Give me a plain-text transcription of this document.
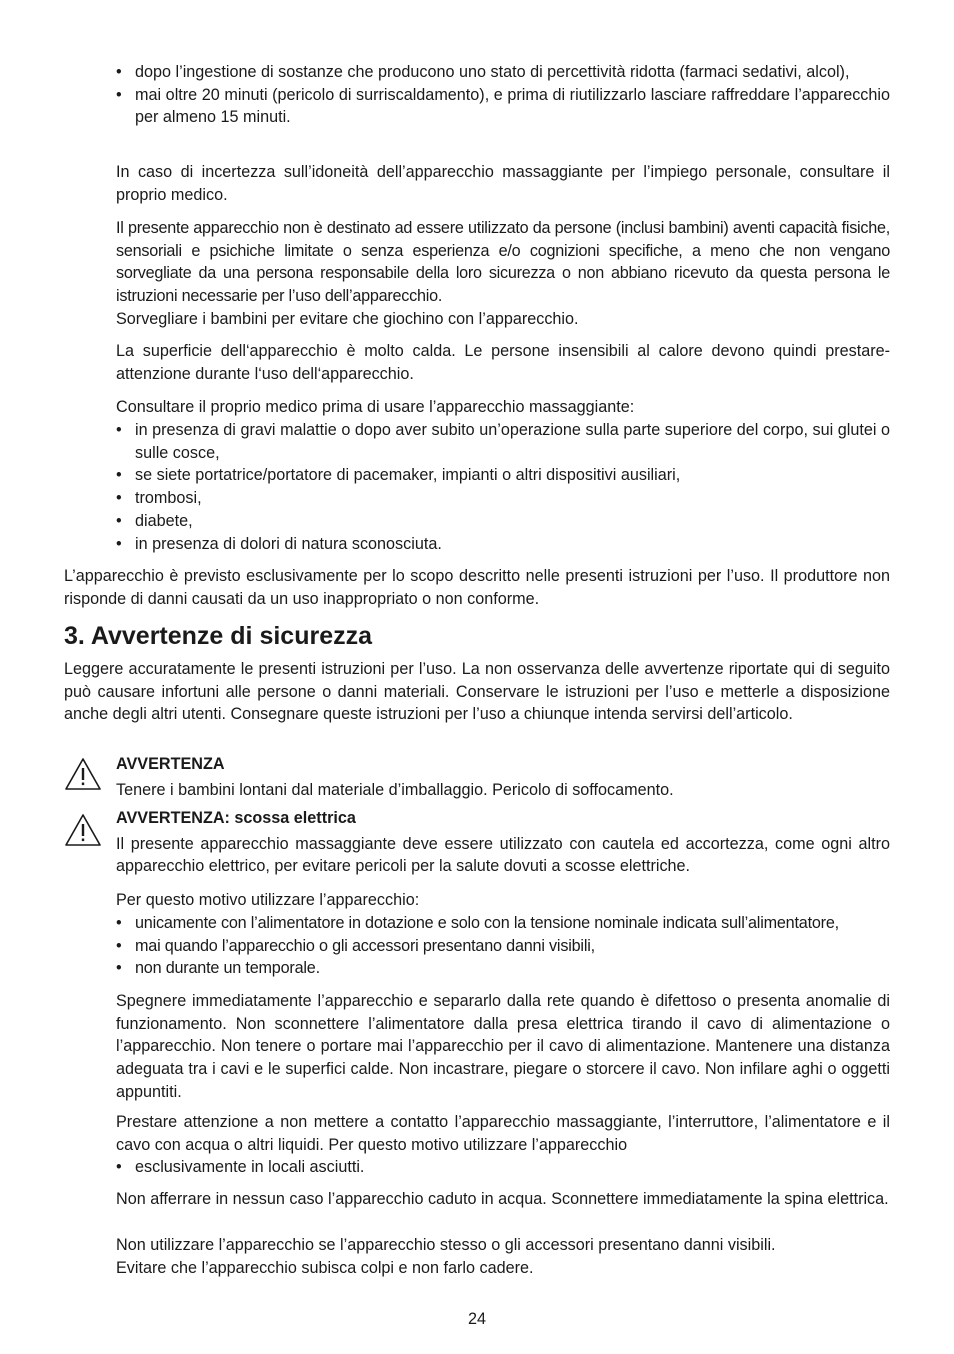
• dopo l’ingestione di sostanze che producono uno stato di percettività ridotta (farmaci sedativi, alcol),
• mai oltre 20 minuti (pericolo di surriscaldamento), e prima di riutilizzarlo lasciare raffreddare l’apparecchio per almeno 15 minuti.

In caso di incertezza sull’idoneità dell’apparecchio massaggiante per l’impiego personale, consultare il proprio medico.

Il presente apparecchio non è destinato ad essere utilizzato da persone (inclusi bambini) aventi capacità fisiche, sensoriali e psichiche limitate o senza esperienza e/o cognizioni specifiche, a meno che non vengano sorvegliate da una persona responsabile della loro sicurezza o non abbiano ricevuto da questa persona le istruzioni necessarie per l’uso dell’apparecchio.

Sorvegliare i bambini per evitare che giochino con l’apparecchio.

La superficie dell‘apparecchio è molto calda. Le persone insensibili al calore devono quindi prestare-attenzione durante l‘uso dell‘apparecchio.

Consultare il proprio medico prima di usare l’apparecchio massaggiante:

• in presenza di gravi malattie o dopo aver subito un’operazione sulla parte superiore del corpo, sui glutei o sulle cosce,
• se siete portatrice/portatore di pacemaker, impianti o altri dispositivi ausiliari,
• trombosi,
• diabete,
• in presenza di dolori di natura sconosciuta.

L’apparecchio è previsto esclusivamente per lo scopo descritto nelle presenti istruzioni per l’uso. Il produttore non risponde di danni causati da un uso inappropriato o non conforme.

3. Avvertenze di sicurezza

Leggere accuratamente le presenti istruzioni per l’uso. La non osservanza delle avvertenze riportate qui di seguito può causare infortuni alle persone o danni materiali. Conservare le istruzioni per l’uso e metterle a disposizione anche degli altri utenti. Consegnare queste istruzioni per l’uso a chiunque intenda servirsi dell’articolo.

AVVERTENZA

Tenere i bambini lontani dal materiale d’imballaggio. Pericolo di soffocamento.

AVVERTENZA: scossa elettrica

Il presente apparecchio massaggiante deve essere utilizzato con cautela ed accortezza, come ogni altro apparecchio elettrico, per evitare pericoli per la salute dovuti a scosse elettriche.

Per questo motivo utilizzare l’apparecchio:

• unicamente con l’alimentatore in dotazione e solo con la tensione nominale indicata sull’alimentatore,
• mai quando l’apparecchio o gli accessori presentano danni visibili,
• non durante un temporale.

Spegnere immediatamente l’apparecchio e separarlo dalla rete quando è difettoso o presenta anomalie di funzionamento. Non sconnettere l’alimentatore dalla presa elettrica tirando il cavo di alimentazione o l’apparecchio. Non tenere o portare mai l’apparecchio per il cavo di alimentazione. Mantenere una distanza adeguata tra i cavi e le superfici calde. Non incastrare, piegare o storcere il cavo. Non infilare aghi o oggetti appuntiti.

Prestare attenzione a non mettere a contatto l’apparecchio massaggiante, l’interruttore, l’alimentatore e il cavo con acqua o altri liquidi. Per questo motivo utilizzare l’apparecchio

• esclusivamente in locali asciutti.

Non afferrare in nessun caso l’apparecchio caduto in acqua. Sconnettere immediatamente la spina elettrica.

Non utilizzare l’apparecchio se l’apparecchio stesso o gli accessori presentano danni visibili.

Evitare che l’apparecchio subisca colpi e non farlo cadere.

24
